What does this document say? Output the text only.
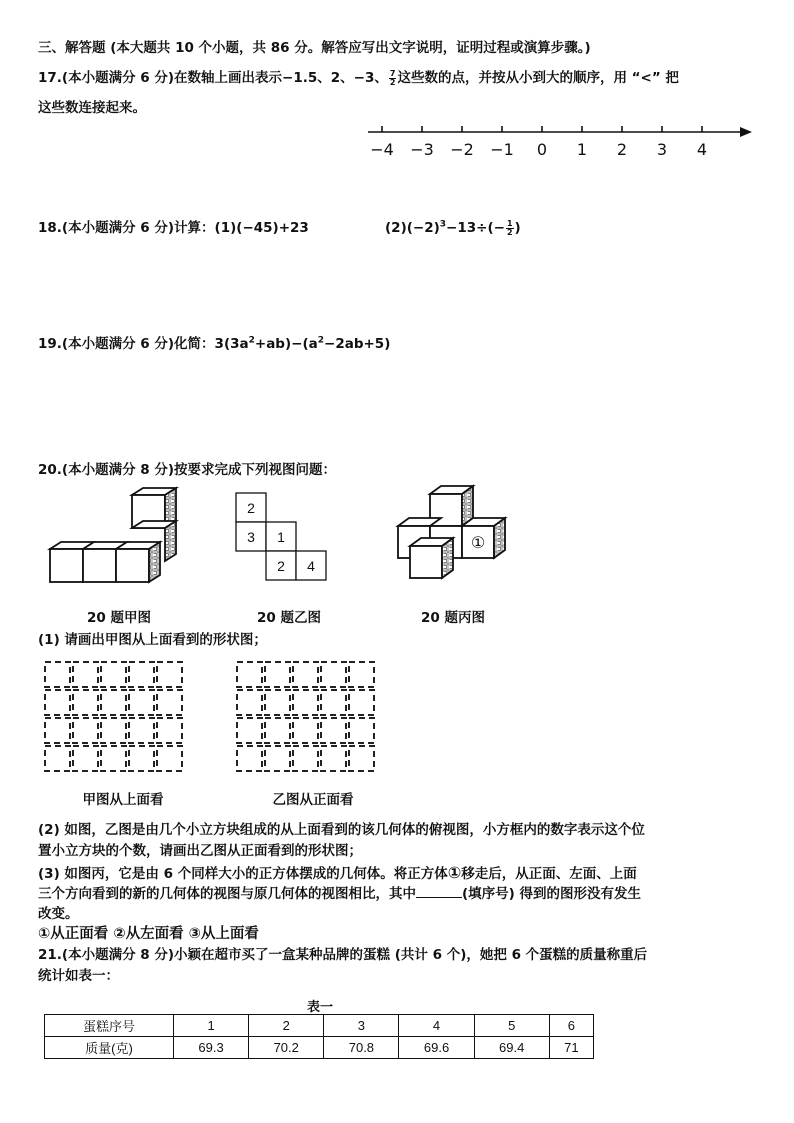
三、解答题 (本大题共 10 个小题，共 86 分。解答应写出文字说明，证明过程或演算步骤。)
17.(本小题满分 6 分)在数轴上画出表示−1.5、2、−3、 $\frac{7}{2}$ 这些数的点，并按从小到大的顺序，用 “<” 把
这些数连接起来。
−4 −3 −2 −1 0 1 2 3 4
18.(本小题满分 6 分)计算：(1)(−45)+23	$(2)(-2)^3-13\div(- \frac{1}{2}$ )
19.(本小题满分 6 分)化简：$3(3a^2+ab)-(a^2-2ab+5)$
20.(本小题满分 8 分)按要求完成下列视图问题：
20 题甲图
2
3 1
2 4
20 题乙图
①
20 题丙图
(1) 请画出甲图从上面看到的形状图；
甲图从上面看	乙图从正面看
(2) 如图，乙图是由几个小立方块组成的从上面看到的该几何体的俯视图，小方框内的数字表示这个位
置小立方块的个数，请画出乙图从正面看到的形状图；
(3) 如图丙，它是由 6 个同样大小的正方体摆成的几何体。将正方体①移走后，从正面、左面、上面
三个方向看到的新的几何体的视图与原几何体的视图相比，其中	(填序号) 得到的图形没有发生
改变。
①从正面看 ②从左面看 ③从上面看
21.(本小题满分 8 分)小颖在超市买了一盒某种品牌的蛋糕 (共计 6 个)，她把 6 个蛋糕的质量称重后
统计如表一：
表一
蛋糕序号	1	2	3	4	5	6
质量(克)	69.3	70.2	70.8	69.6	69.4	71
